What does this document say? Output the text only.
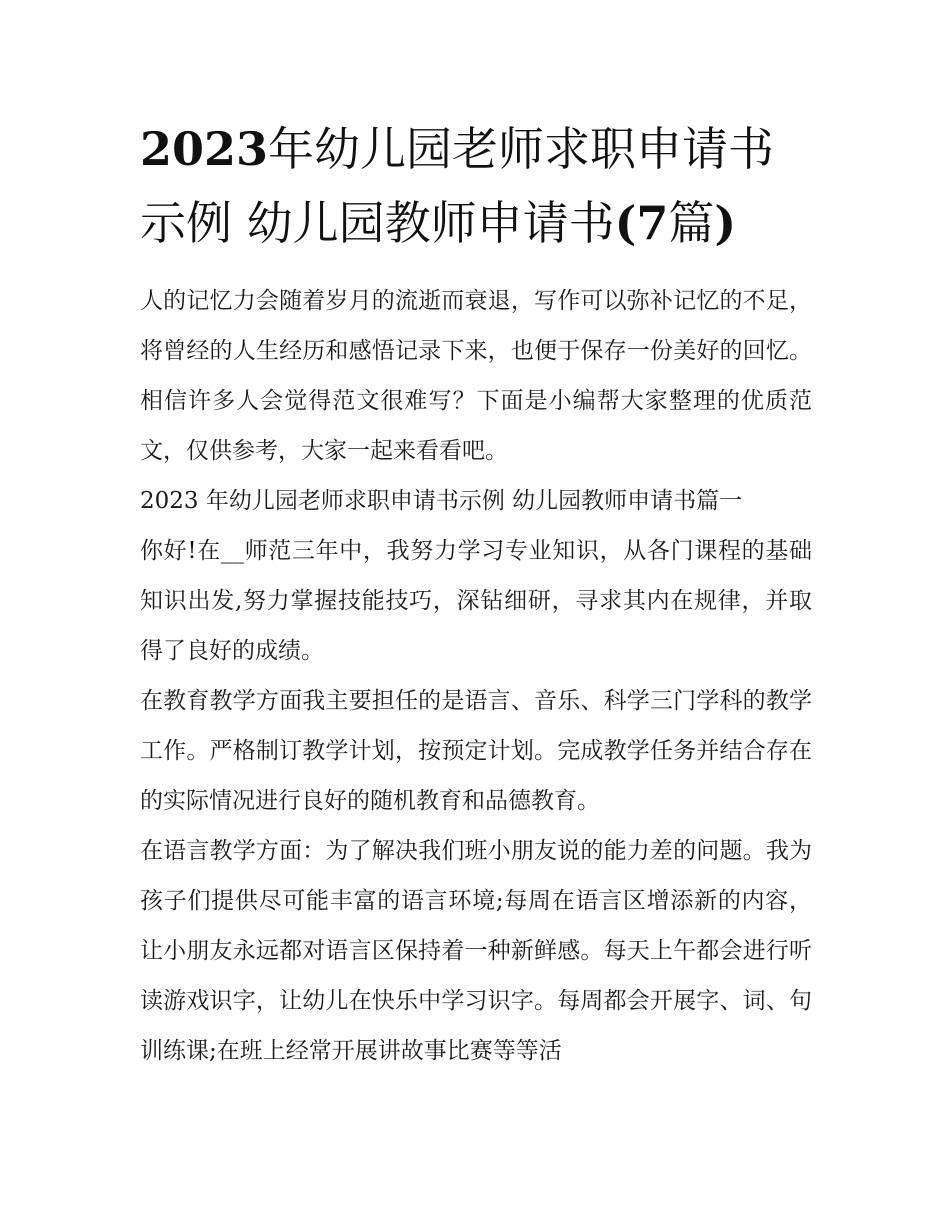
2023年幼儿园老师求职申请书示例 幼儿园教师申请书(7篇)

人的记忆力会随着岁月的流逝而衰退，写作可以弥补记忆的不足，将曾经的人生经历和感悟记录下来，也便于保存一份美好的回忆。相信许多人会觉得范文很难写？下面是小编帮大家整理的优质范文，仅供参考，大家一起来看看吧。

2023 年幼儿园老师求职申请书示例 幼儿园教师申请书篇一

你好!在__师范三年中，我努力学习专业知识，从各门课程的基础知识出发,努力掌握技能技巧，深钻细研，寻求其内在规律，并取得了良好的成绩。

在教育教学方面我主要担任的是语言、音乐、科学三门学科的教学工作。严格制订教学计划，按预定计划。完成教学任务并结合存在的实际情况进行良好的随机教育和品德教育。

在语言教学方面：为了解决我们班小朋友说的能力差的问题。我为孩子们提供尽可能丰富的语言环境;每周在语言区增添新的内容，让小朋友永远都对语言区保持着一种新鲜感。每天上午都会进行听读游戏识字，让幼儿在快乐中学习识字。每周都会开展字、词、句训练课;在班上经常开展讲故事比赛等等活
